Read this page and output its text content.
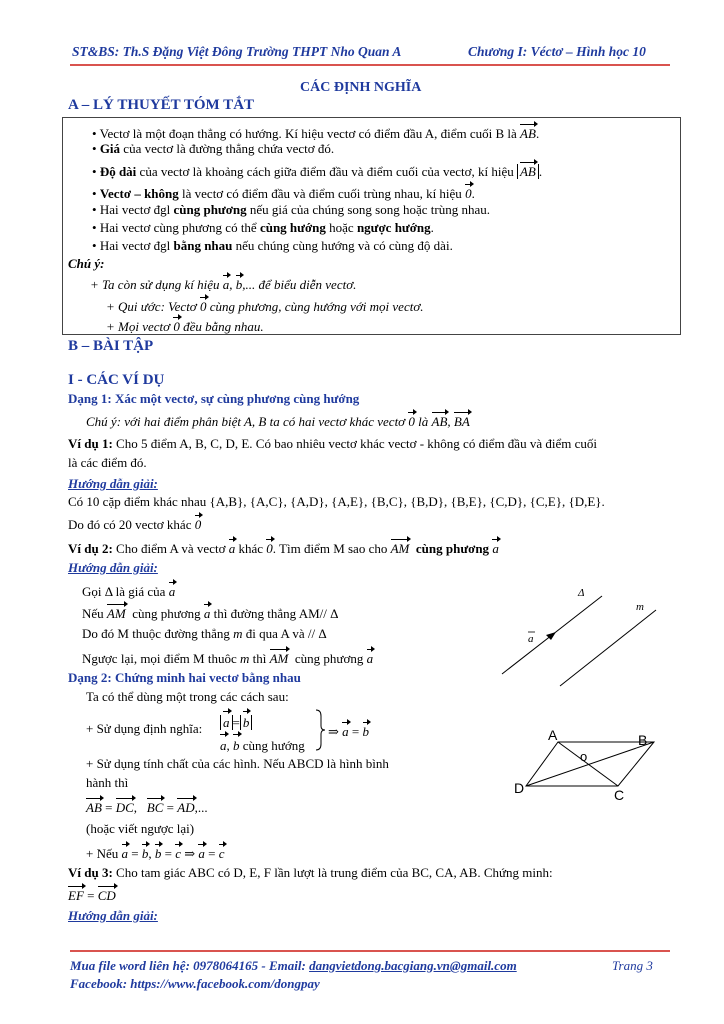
ST&BS: Th.S Đặng Việt Đông Trường THPT Nho Quan A	Chương I: Véctơ – Hình học 10
CÁC ĐỊNH NGHĨA
A – LÝ THUYẾT TÓM TẮT
• Vectơ là một đoạn thẳng có hướng. Kí hiệu vectơ có điểm đầu A, điểm cuối B là AB.
• Giá của vectơ là đường thẳng chứa vectơ đó.
• Độ dài của vectơ là khoảng cách giữa điểm đầu và điểm cuối của vectơ, kí hiệu AB .
• Vectơ – không là vectơ có điểm đầu và điểm cuối trùng nhau, kí hiệu 0.
• Hai vectơ đgl cùng phương nếu giá của chúng song song hoặc trùng nhau.
• Hai vectơ cùng phương có thể cùng hướng hoặc ngược hướng.
• Hai vectơ đgl bằng nhau nếu chúng cùng hướng và có cùng độ dài.
Chú ý:
+ Ta còn sử dụng kí hiệu a, b,... để biểu diễn vectơ.
+ Qui ước: Vectơ 0 cùng phương, cùng hướng với mọi vectơ.
+ Mọi vectơ 0 đều bằng nhau.
B – BÀI TẬP
I - CÁC VÍ DỤ
Dạng 1: Xác một vectơ, sự cùng phương cùng hướng
Chú ý: với hai điểm phân biệt A, B ta có hai vectơ khác vectơ 0 là AB, BA
Ví dụ 1: Cho 5 điểm A, B, C, D, E. Có bao nhiêu vectơ khác vectơ - không có điểm đầu và điểm cuối
là các điểm đó.
Hướng dẫn giải:
Có 10 cặp điểm khác nhau {A,B}, {A,C}, {A,D}, {A,E}, {B,C}, {B,D}, {B,E}, {C,D}, {C,E}, {D,E}.
Do đó có 20 vectơ khác 0
Ví dụ 2: Cho điểm A và vectơ a khác 0. Tìm điểm M sao cho AM cùng phương a
Hướng dẫn giải:
Gọi Δ là giá của a
Nếu AM cùng phương a thì đường thẳng AM// Δ
Do đó M thuộc đường thẳng m đi qua A và // Δ
Ngược lại, mọi điểm M thuôc m thì AM cùng phương a
Δ
m
a
Dạng 2: Chứng minh hai vectơ bằng nhau
Ta có thể dùng một trong các cách sau:
+ Sử dụng định nghĩa: a = b
a, b cùng hướng
⇒ a = b
+ Sử dụng tính chất của các hình. Nếu ABCD là hình bình
hành thì
AB = DC,   BC = AD,...
(hoặc viết ngược lại)
+ Nếu a = b, b = c ⇒ a = c
A	B
C
D
o
Ví dụ 3: Cho tam giác ABC có D, E, F lần lượt là trung điểm của BC, CA, AB. Chứng minh:
EF = CD
Hướng dẫn giải:
Mua file word liên hệ: 0978064165 - Email: dangvietdong.bacgiang.vn@gmail.com	Trang 3
Facebook: https://www.facebook.com/dongpay
